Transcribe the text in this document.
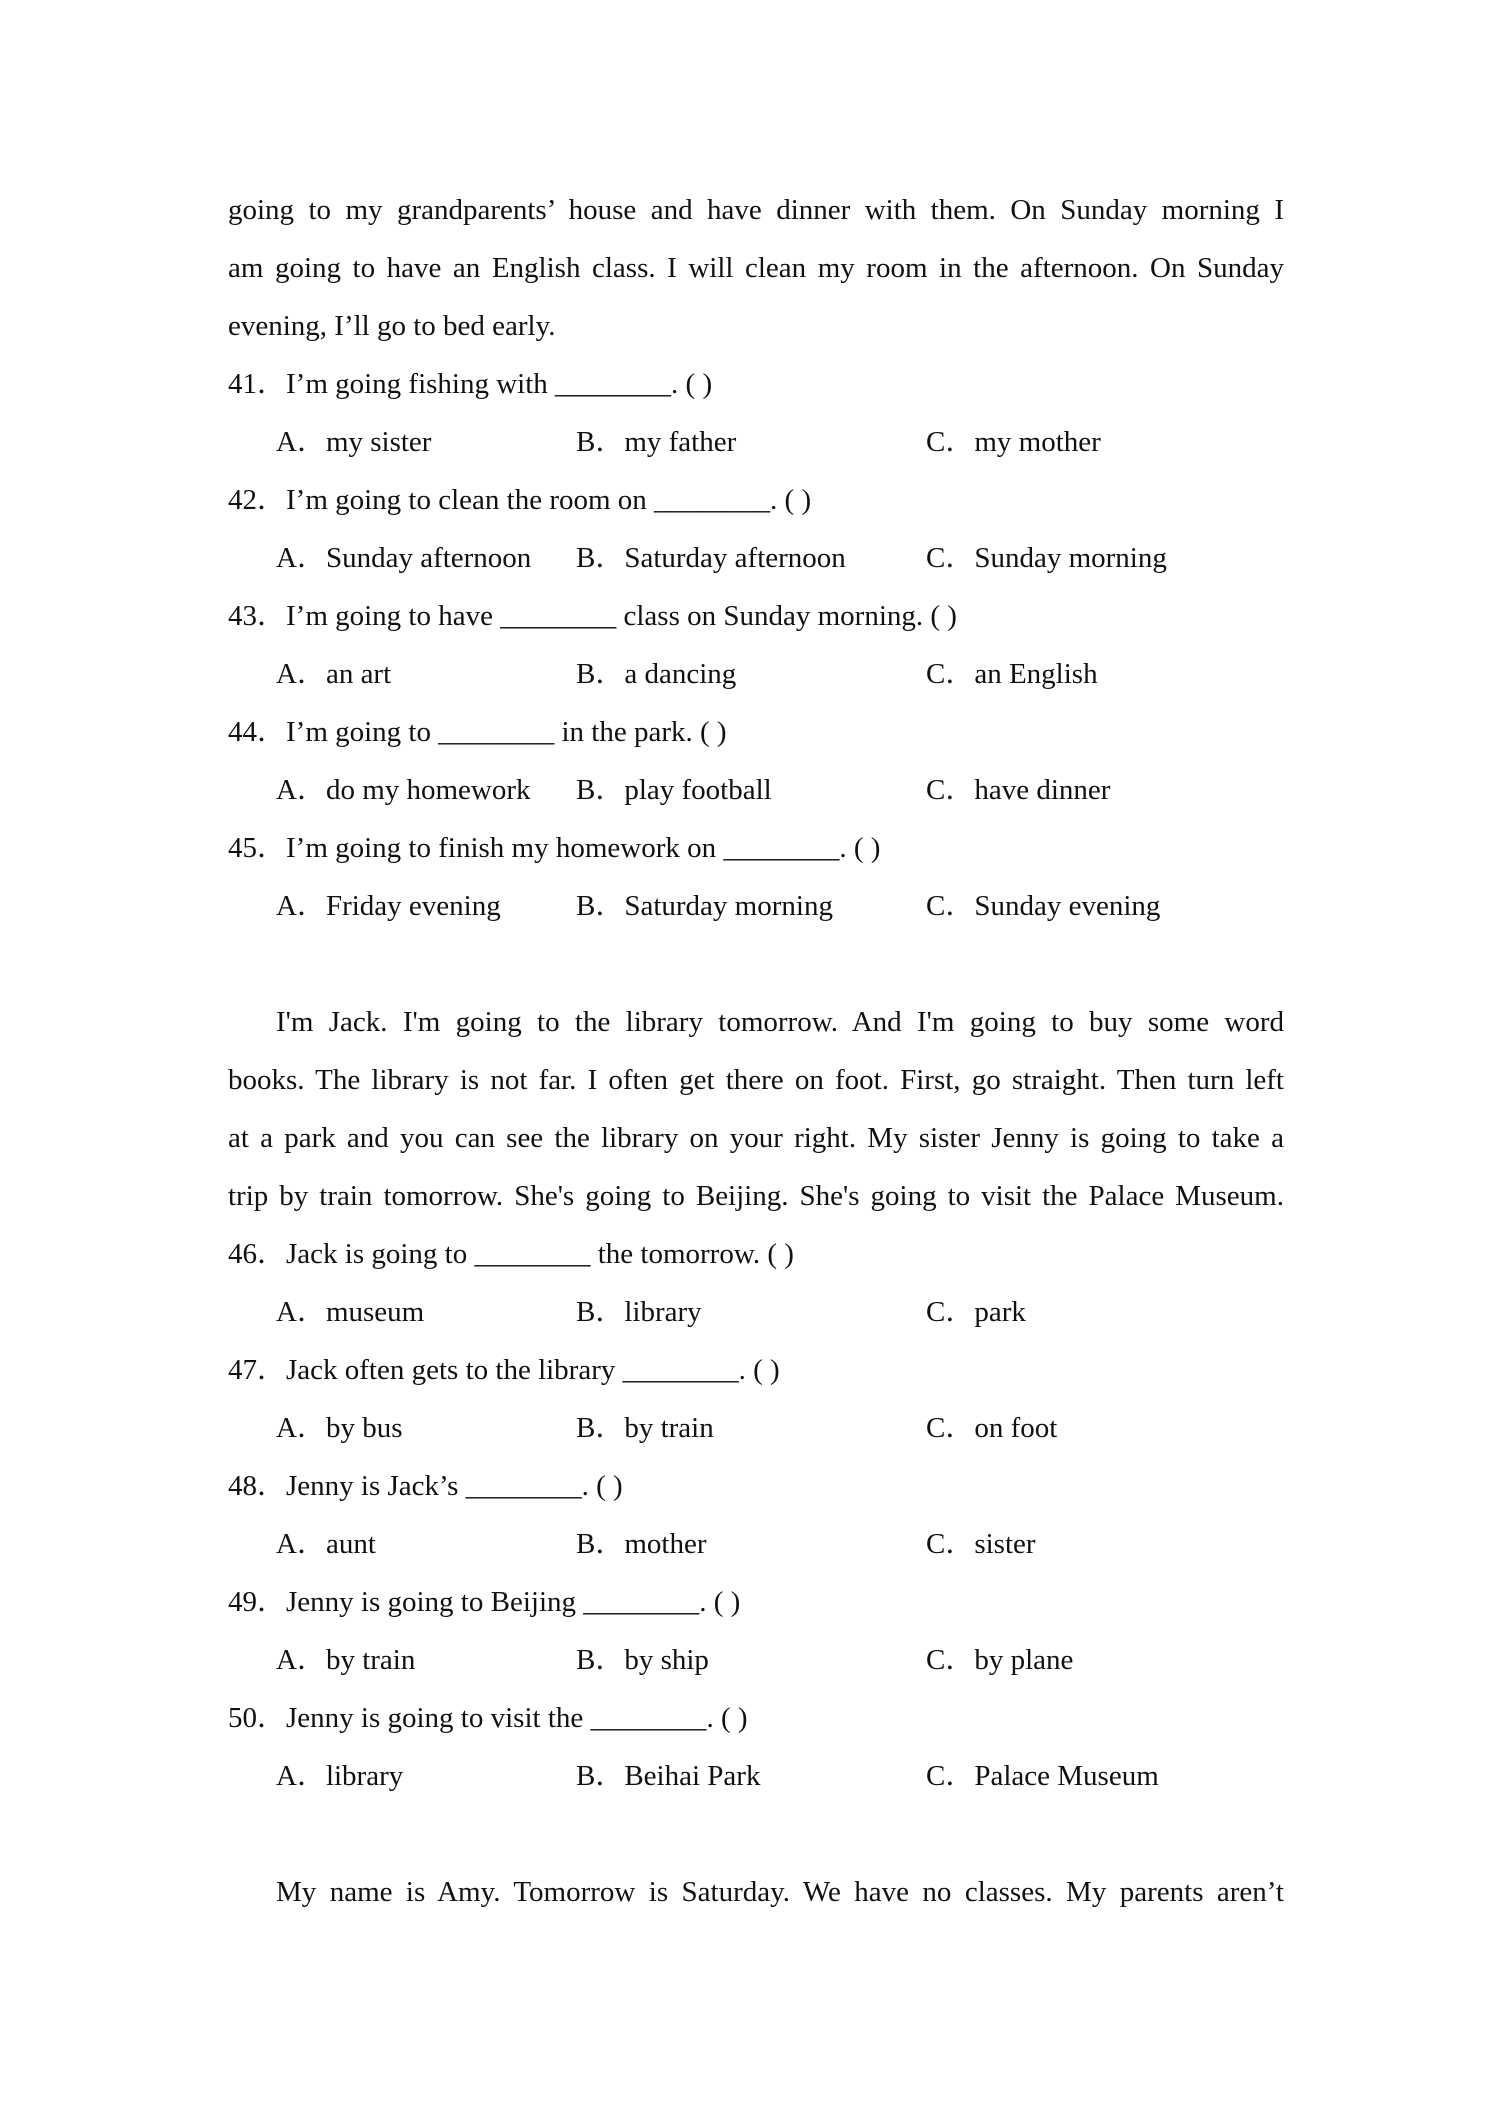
going to my grandparents’ house and have dinner with them. On Sunday morning I
am going to have an English class. I will clean my room in the afternoon. On Sunday
evening, I’ll go to bed early.
41．I’m going fishing with ________. ( )
A．my sister	B．my father	C．my mother
42．I’m going to clean the room on ________. ( )
A．Sunday afternoon B．Saturday afternoon	C．Sunday morning
43．I’m going to have ________ class on Sunday morning. ( )
A．an art	B．a dancing	C．an English
44．I’m going to ________ in the park. ( )
A．do my homework B．play football	C．have dinner
45．I’m going to finish my homework on ________. ( )
A．Friday evening	B．Saturday morning	C．Sunday evening
I'm Jack. I'm going to the library tomorrow. And I'm going to buy some word
books. The library is not far. I often get there on foot. First, go straight. Then turn left
at a park and you can see the library on your right. My sister Jenny is going to take a
trip by train tomorrow. She's going to Beijing. She's going to visit the Palace Museum.
46．Jack is going to ________ the tomorrow. ( )
A．museum	B．library	C．park
47．Jack often gets to the library ________. ( )
A．by bus	B．by train	C．on foot
48．Jenny is Jack’s ________. ( )
A．aunt	B．mother	C．sister
49．Jenny is going to Beijing ________. ( )
A．by train	B．by ship	C．by plane
50．Jenny is going to visit the ________. ( )
A．library	B．Beihai Park	C．Palace Museum
My name is Amy. Tomorrow is Saturday. We have no classes. My parents aren’t
